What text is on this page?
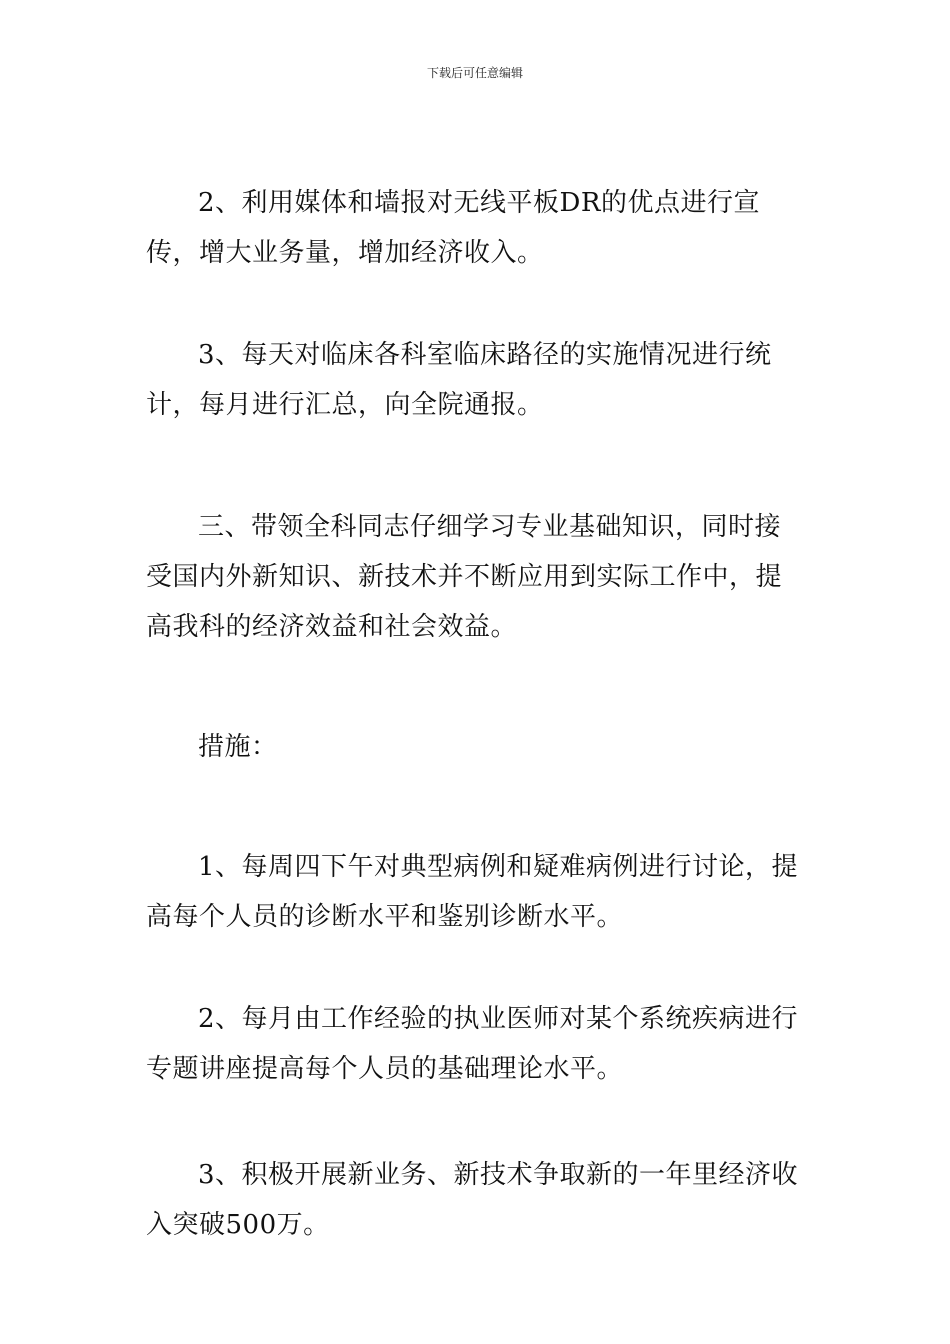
下载后可任意编辑

2、利用媒体和墙报对无线平板DR的优点进行宣传，增大业务量，增加经济收入。

3、每天对临床各科室临床路径的实施情况进行统计，每月进行汇总，向全院通报。

三、带领全科同志仔细学习专业基础知识，同时接受国内外新知识、新技术并不断应用到实际工作中，提高我科的经济效益和社会效益。

措施：

1、每周四下午对典型病例和疑难病例进行讨论，提高每个人员的诊断水平和鉴别诊断水平。

2、每月由工作经验的执业医师对某个系统疾病进行专题讲座提高每个人员的基础理论水平。

3、积极开展新业务、新技术争取新的一年里经济收入突破500万。
